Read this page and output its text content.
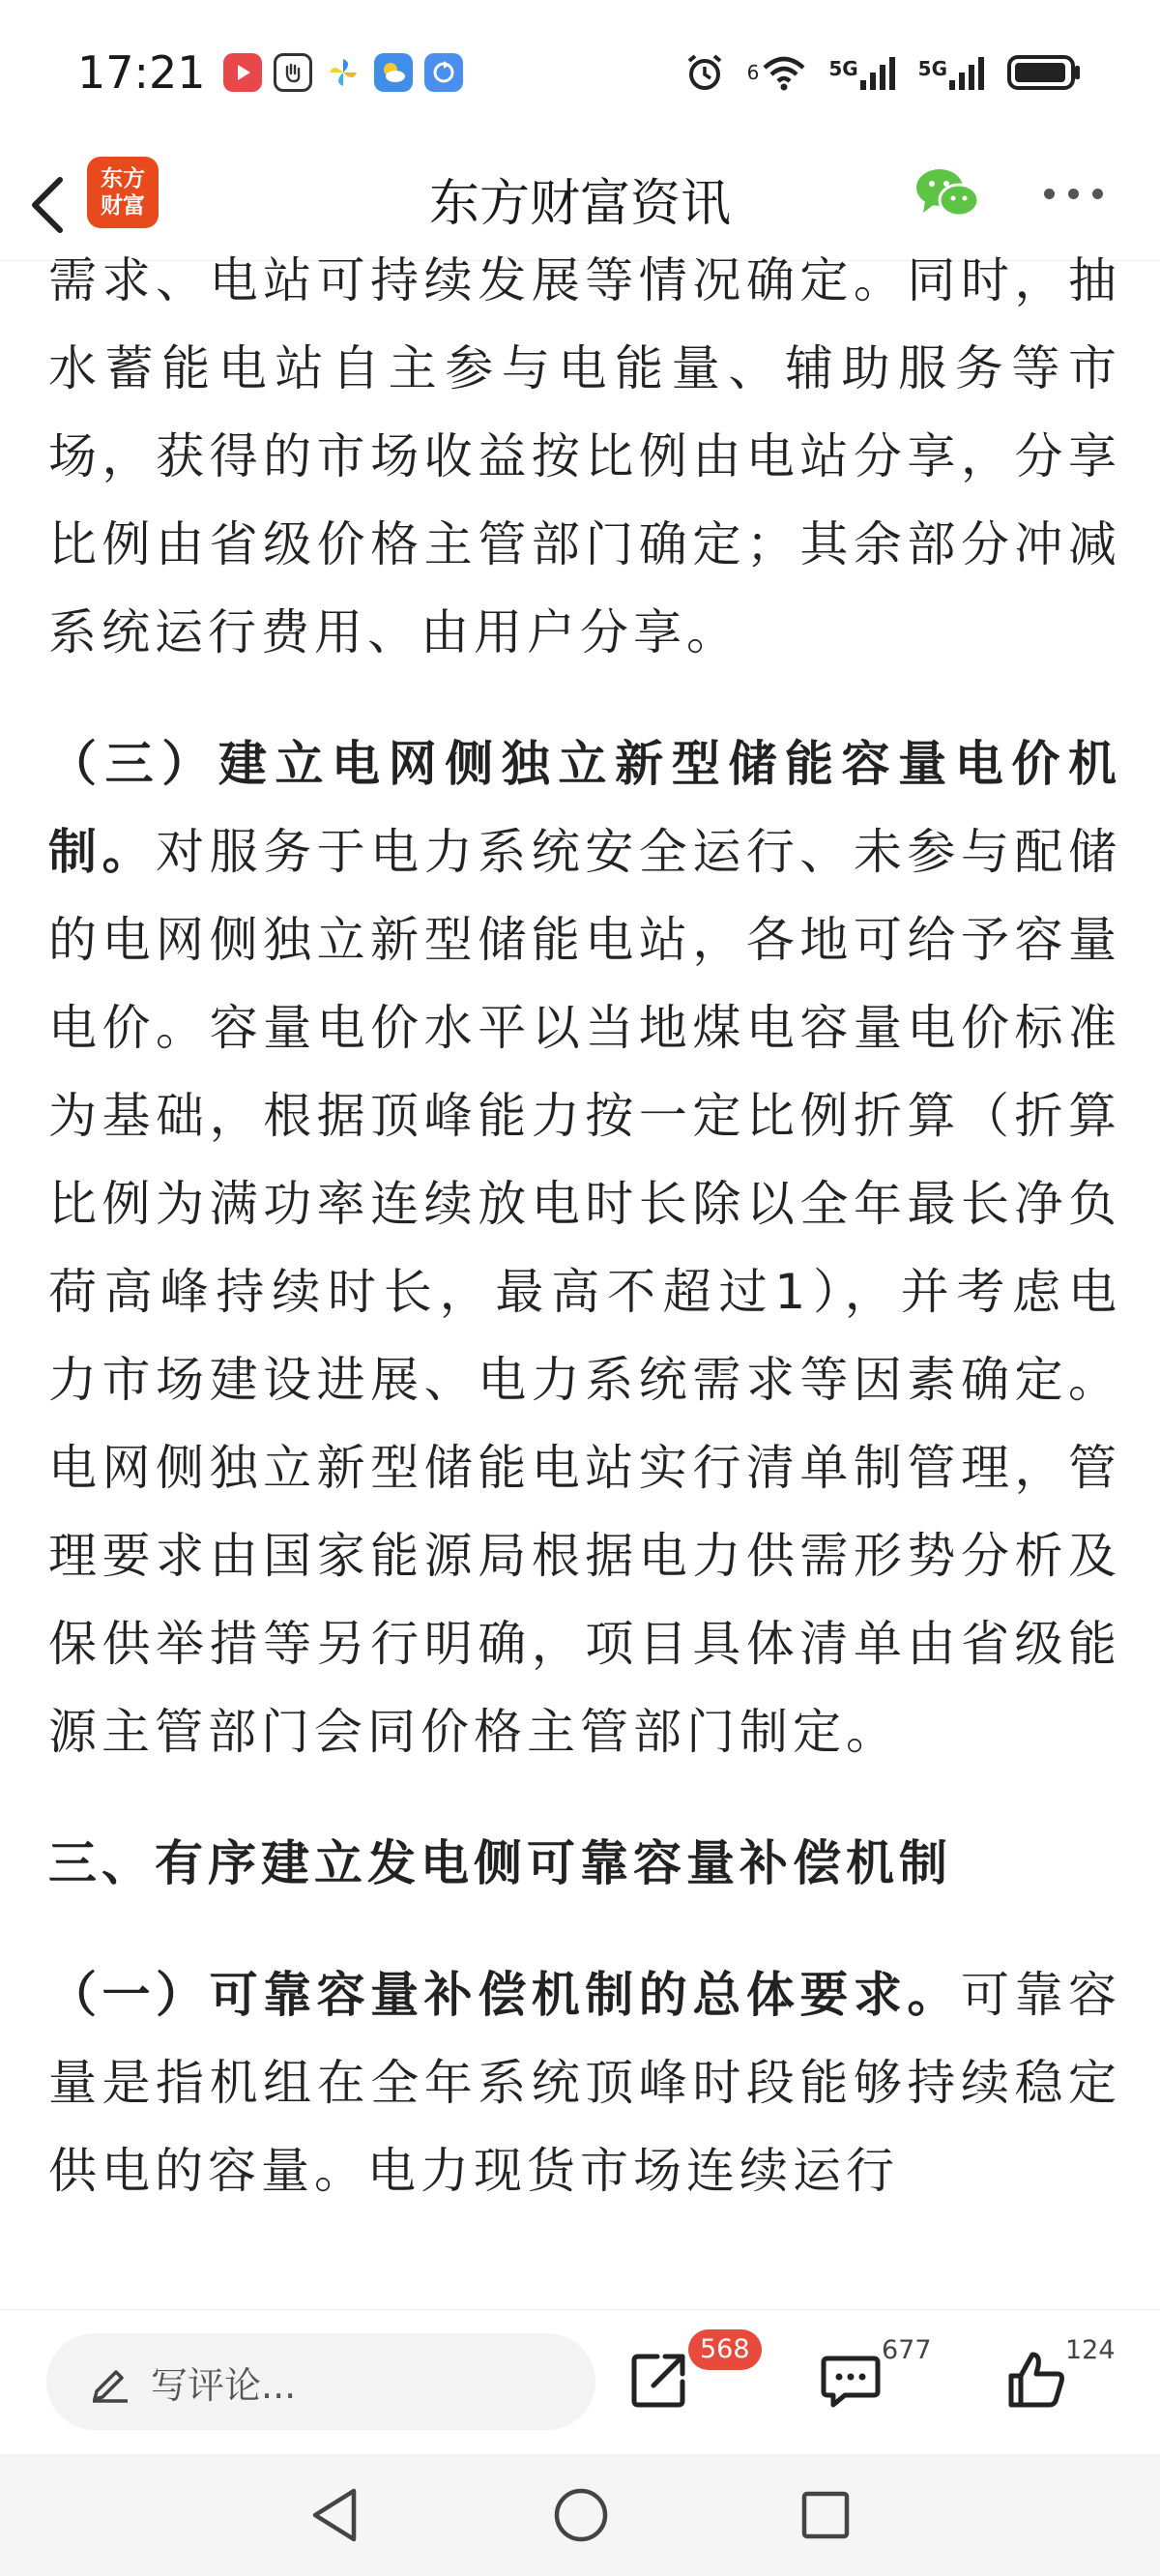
17:21	6	5G	5G
东方
财富	东方财富资讯

需求、电站可持续发展等情况确定。同时，抽水蓄能电站自主参与电能量、辅助服务等市场，获得的市场收益按比例由电站分享，分享比例由省级价格主管部门确定；其余部分冲减系统运行费用、由用户分享。

（三）建立电网侧独立新型储能容量电价机制。对服务于电力系统安全运行、未参与配储的电网侧独立新型储能电站，各地可给予容量电价。容量电价水平以当地煤电容量电价标准为基础，根据顶峰能力按一定比例折算（折算比例为满功率连续放电时长除以全年最长净负荷高峰持续时长，最高不超过1），并考虑电力市场建设进展、电力系统需求等因素确定。电网侧独立新型储能电站实行清单制管理，管理要求由国家能源局根据电力供需形势分析及保供举措等另行明确，项目具体清单由省级能源主管部门会同价格主管部门制定。

三、有序建立发电侧可靠容量补偿机制

（一）可靠容量补偿机制的总体要求。可靠容量是指机组在全年系统顶峰时段能够持续稳定供电的容量。电力现货市场连续运行

写评论...
568	677	124
